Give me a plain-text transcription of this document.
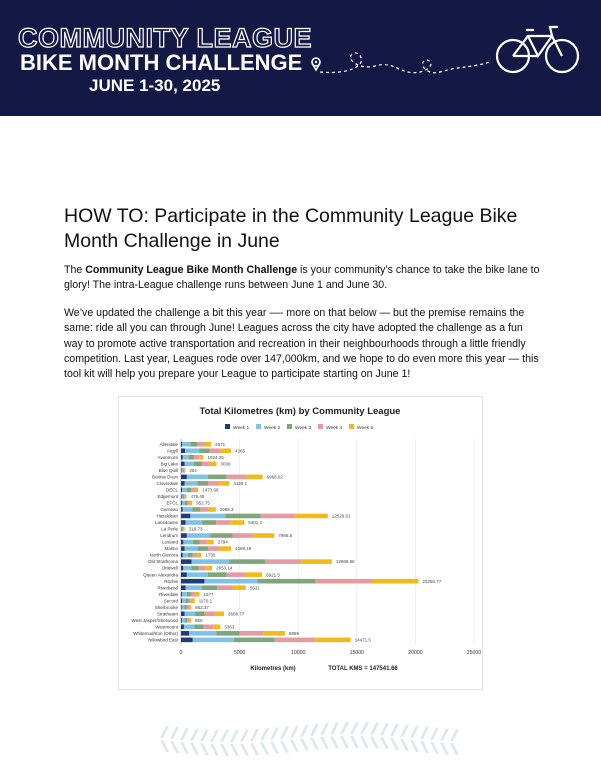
COMMUNITY LEAGUE
BIKE MONTH CHALLENGE
JUNE 1-30, 2025
HOW TO: Participate in the Community League Bike Month Challenge in June

The Community League Bike Month Challenge is your community’s chance to take the bike lane to glory! The intra-League challenge runs between June 1 and June 30.

We’ve updated the challenge a bit this year —- more on that below — but the premise remains the same: ride all you can through June! Leagues across the city have adopted the challenge as a fun way to promote active transportation and recreation in their neighbourhoods through a little friendly competition. Last year, Leagues rode over 147,000km, and we hope to do even more this year — this tool kit will help you prepare your League to participate starting on June 1!

Total Kilometres (km) by Community League
Week 1	Week 2	Week 3	Week 4	Week 5
0	5000	10000	15000	20000	25000
Allendale	2571
Argyll	4265
Avonmore	1924.25
Big Lake	3030
Blue Quill	364
Bonnie Doon	6968.02
Cloverdale	4129.1
DECL	1473.66
Edgemont	475.45
EFCL	952.75
Garneau	2969.3
Hazeldean	12526.61
Lansdowne	5401.3
La Perle 319.73
Lendrum	7966.5
Lessard	2794
Malmo	4269.19
North Glenora	1735
Old Strathcona	12869.96
Ottewell	2653.14
Queen Alexandra	6921.5
Ritchie	20258.77
Riverbend	5531
Riverdale	1577
Secord	1170.1
Sherbrooke	863.37
Strathearn	3668.77
West Jasper/Sherwood	856
Westmount	3363
Whitemud/Iron (Other)	8869
Yellowbird East	14471.5
Kilometres (km)	TOTAL KMS = 147541.66
